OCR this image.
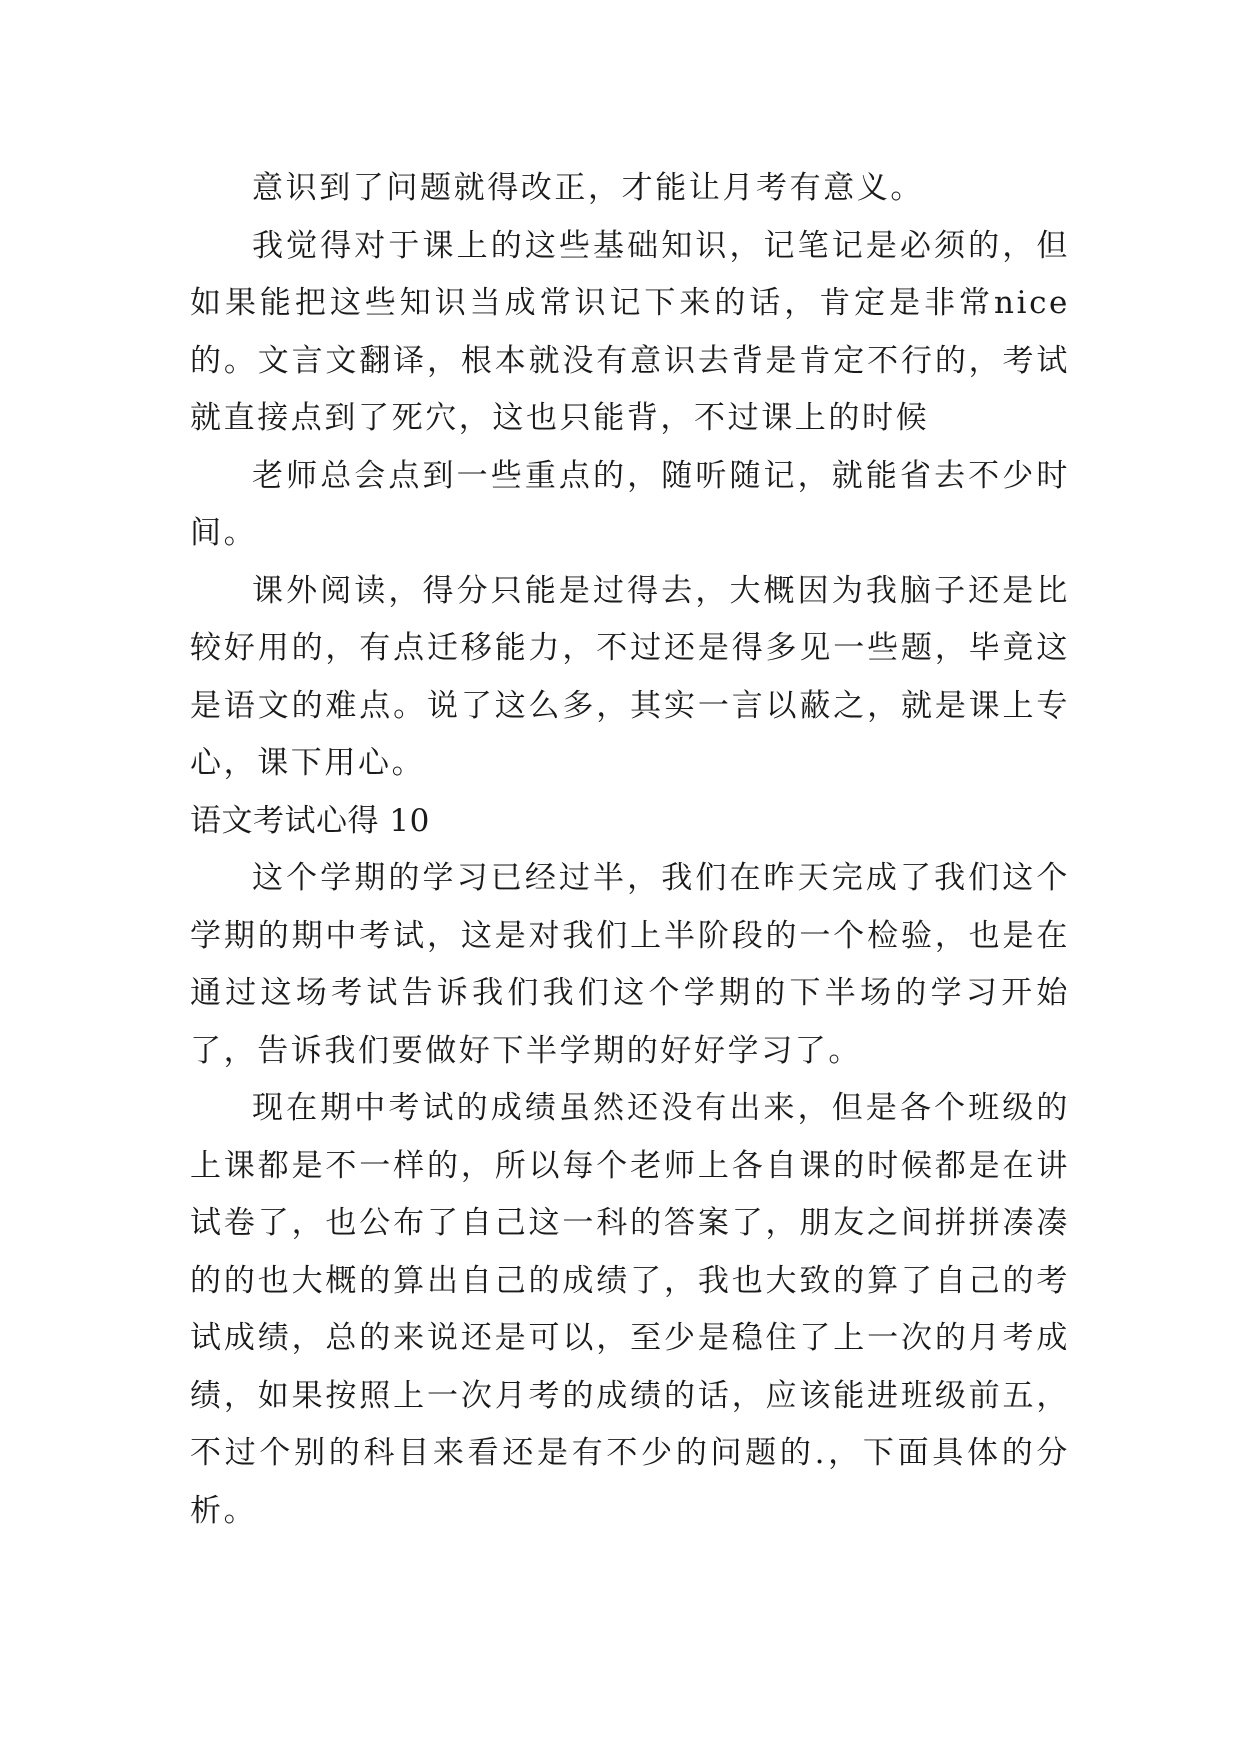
意识到了问题就得改正，才能让月考有意义。

我觉得对于课上的这些基础知识，记笔记是必须的，但如果能把这些知识当成常识记下来的话，肯定是非常nice的。文言文翻译，根本就没有意识去背是肯定不行的，考试就直接点到了死穴，这也只能背，不过课上的时候

老师总会点到一些重点的，随听随记，就能省去不少时间。

课外阅读，得分只能是过得去，大概因为我脑子还是比较好用的，有点迁移能力，不过还是得多见一些题，毕竟这是语文的难点。说了这么多，其实一言以蔽之，就是课上专心，课下用心。

语文考试心得 10

这个学期的学习已经过半，我们在昨天完成了我们这个学期的期中考试，这是对我们上半阶段的一个检验，也是在通过这场考试告诉我们我们这个学期的下半场的学习开始了，告诉我们要做好下半学期的好好学习了。

现在期中考试的成绩虽然还没有出来，但是各个班级的上课都是不一样的，所以每个老师上各自课的时候都是在讲试卷了，也公布了自己这一科的答案了，朋友之间拼拼凑凑的的也大概的算出自己的成绩了，我也大致的算了自己的考试成绩，总的来说还是可以，至少是稳住了上一次的月考成绩，如果按照上一次月考的成绩的话，应该能进班级前五，不过个别的科目来看还是有不少的问题的.，下面具体的分析。
